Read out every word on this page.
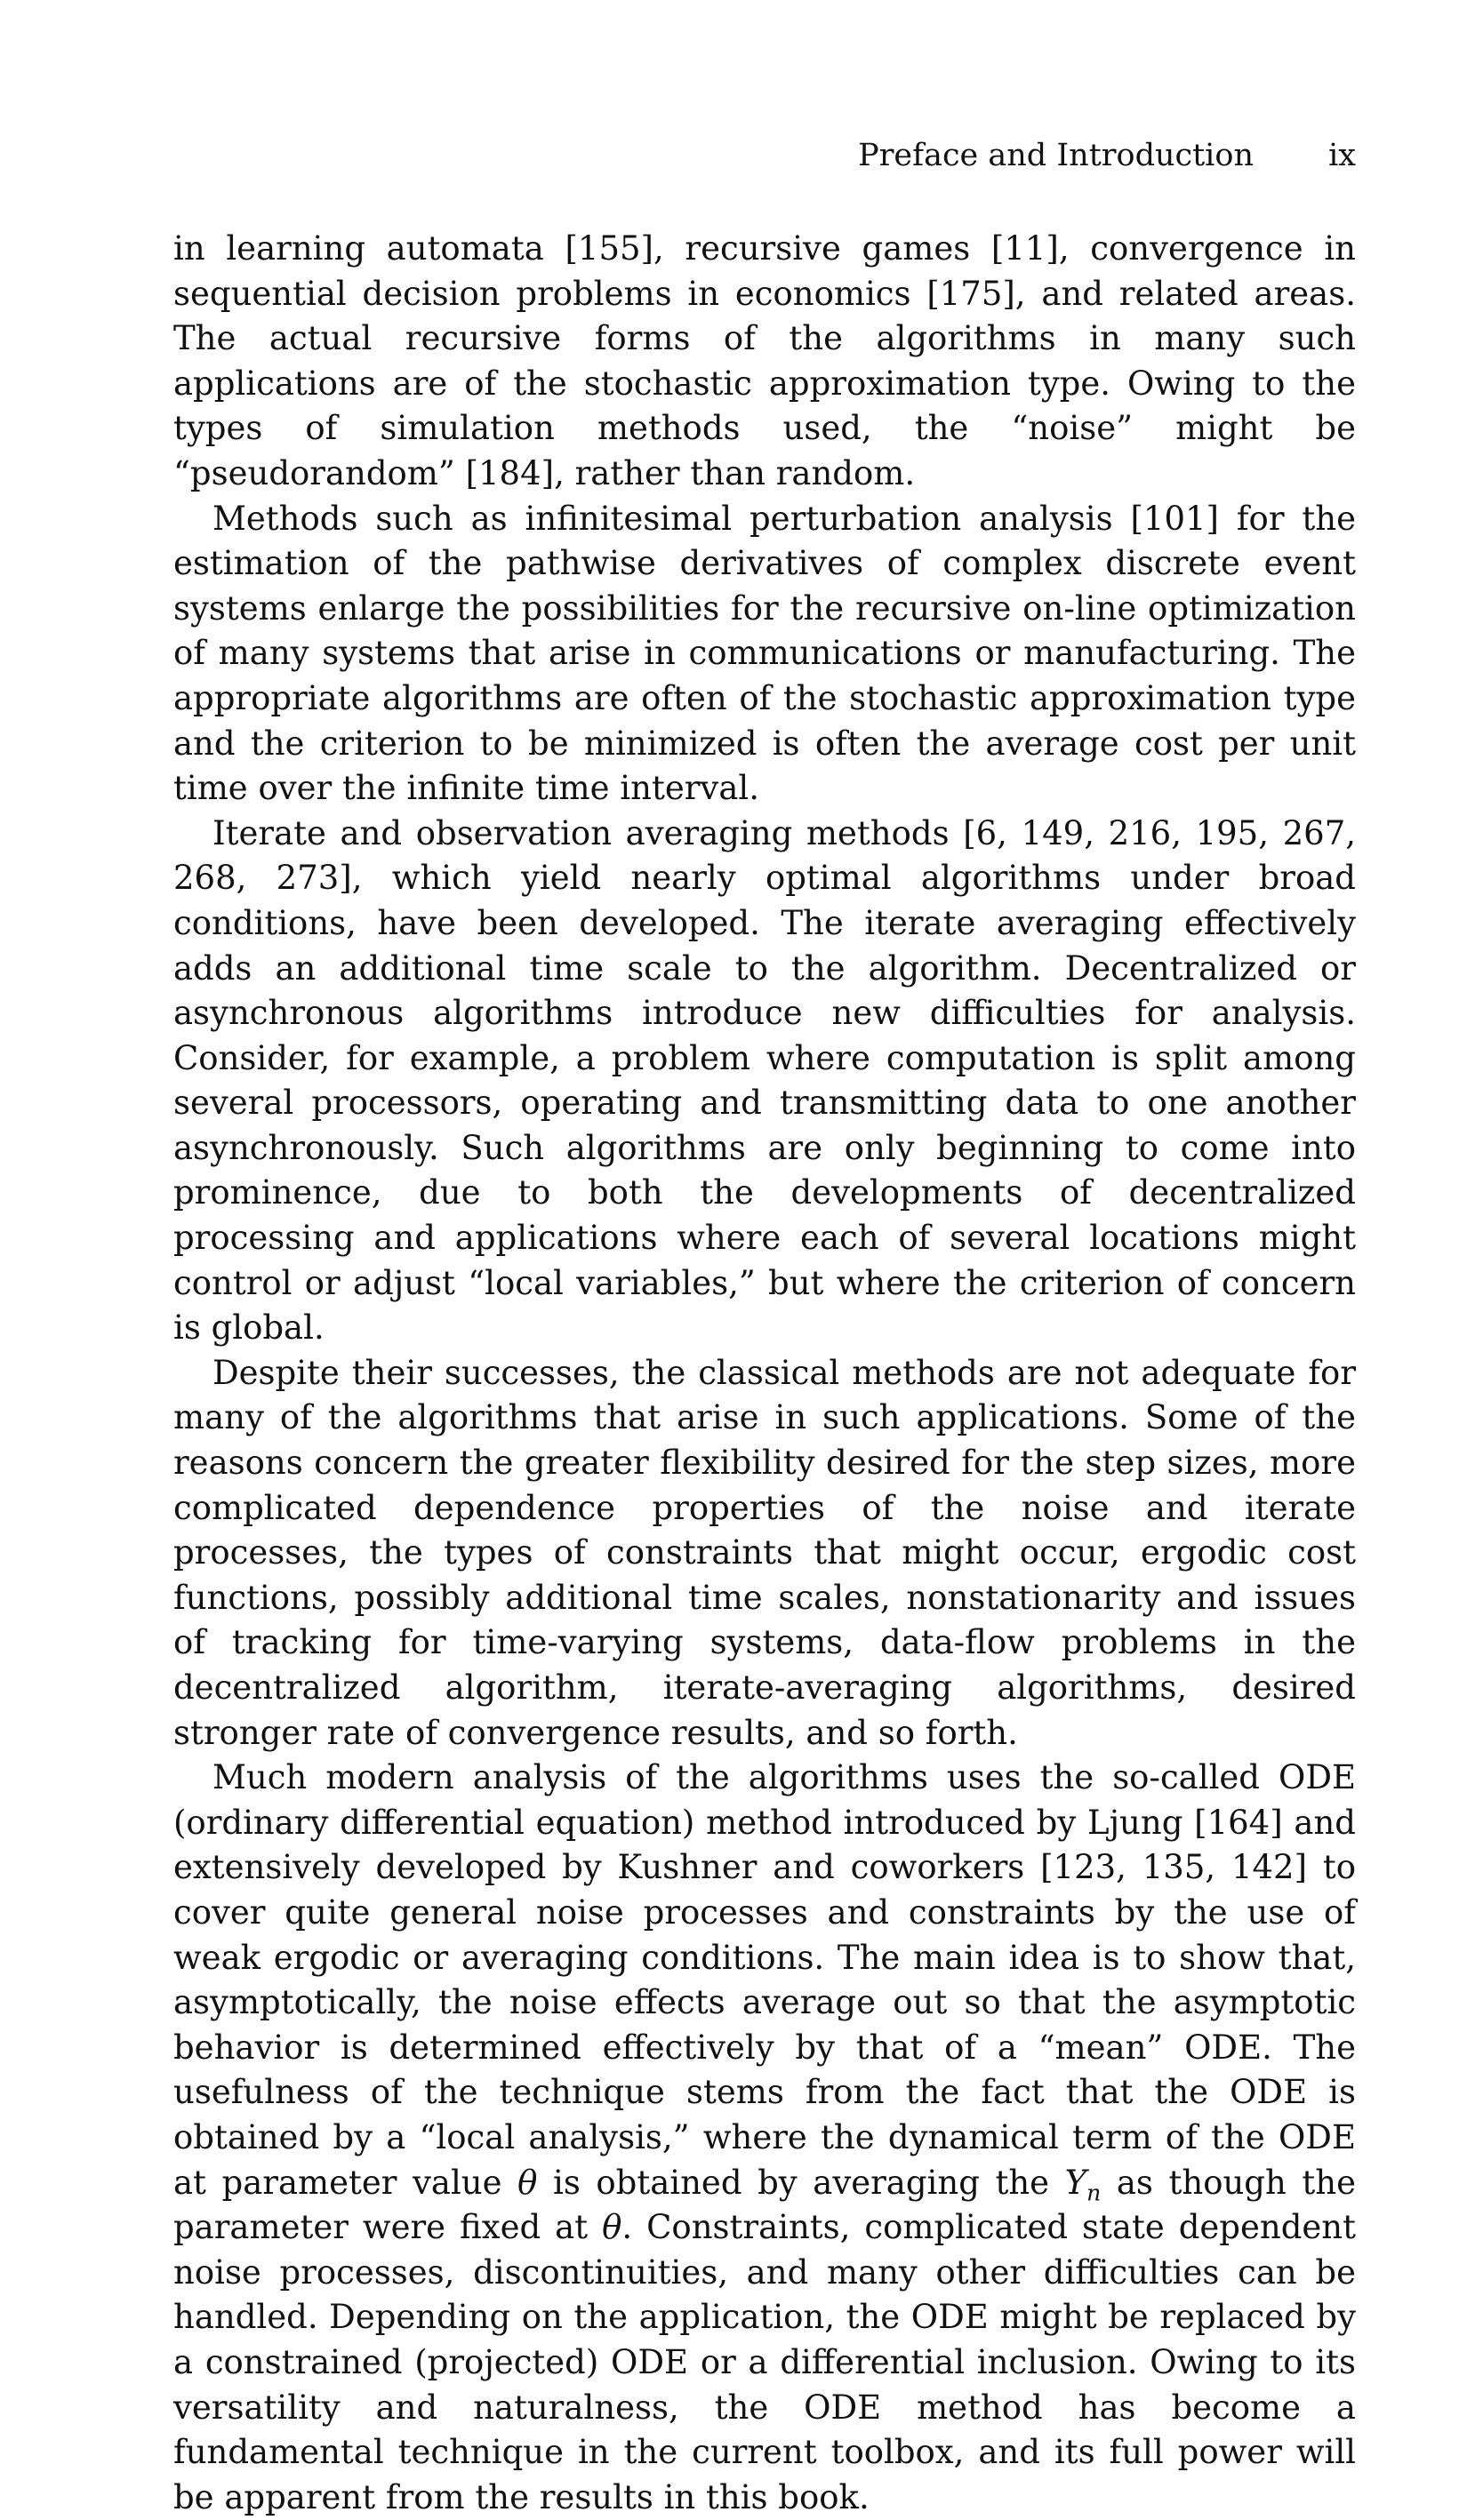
Preface and Introduction ix

in learning automata [155], recursive games [11], convergence in sequential decision problems in economics [175], and related areas. The actual recursive forms of the algorithms in many such applications are of the stochastic approximation type. Owing to the types of simulation methods used, the “noise” might be “pseudorandom” [184], rather than random.

Methods such as infinitesimal perturbation analysis [101] for the estimation of the pathwise derivatives of complex discrete event systems enlarge the possibilities for the recursive on-line optimization of many systems that arise in communications or manufacturing. The appropriate algorithms are often of the stochastic approximation type and the criterion to be minimized is often the average cost per unit time over the infinite time interval.

Iterate and observation averaging methods [6, 149, 216, 195, 267, 268, 273], which yield nearly optimal algorithms under broad conditions, have been developed. The iterate averaging effectively adds an additional time scale to the algorithm. Decentralized or asynchronous algorithms introduce new difficulties for analysis. Consider, for example, a problem where computation is split among several processors, operating and transmitting data to one another asynchronously. Such algorithms are only beginning to come into prominence, due to both the developments of decentralized processing and applications where each of several locations might control or adjust “local variables,” but where the criterion of concern is global.

Despite their successes, the classical methods are not adequate for many of the algorithms that arise in such applications. Some of the reasons concern the greater flexibility desired for the step sizes, more complicated dependence properties of the noise and iterate processes, the types of constraints that might occur, ergodic cost functions, possibly additional time scales, nonstationarity and issues of tracking for time-varying systems, data-flow problems in the decentralized algorithm, iterate-averaging algorithms, desired stronger rate of convergence results, and so forth.

Much modern analysis of the algorithms uses the so-called ODE (ordinary differential equation) method introduced by Ljung [164] and extensively developed by Kushner and coworkers [123, 135, 142] to cover quite general noise processes and constraints by the use of weak ergodic or averaging conditions. The main idea is to show that, asymptotically, the noise effects average out so that the asymptotic behavior is determined effectively by that of a “mean” ODE. The usefulness of the technique stems from the fact that the ODE is obtained by a “local analysis,” where the dynamical term of the ODE at parameter value θ is obtained by averaging the $Y_n$ as though the parameter were fixed at θ. Constraints, complicated state dependent noise processes, discontinuities, and many other difficulties can be handled. Depending on the application, the ODE might be replaced by a constrained (projected) ODE or a differential inclusion. Owing to its versatility and naturalness, the ODE method has become a fundamental technique in the current toolbox, and its full power will be apparent from the results in this book.
